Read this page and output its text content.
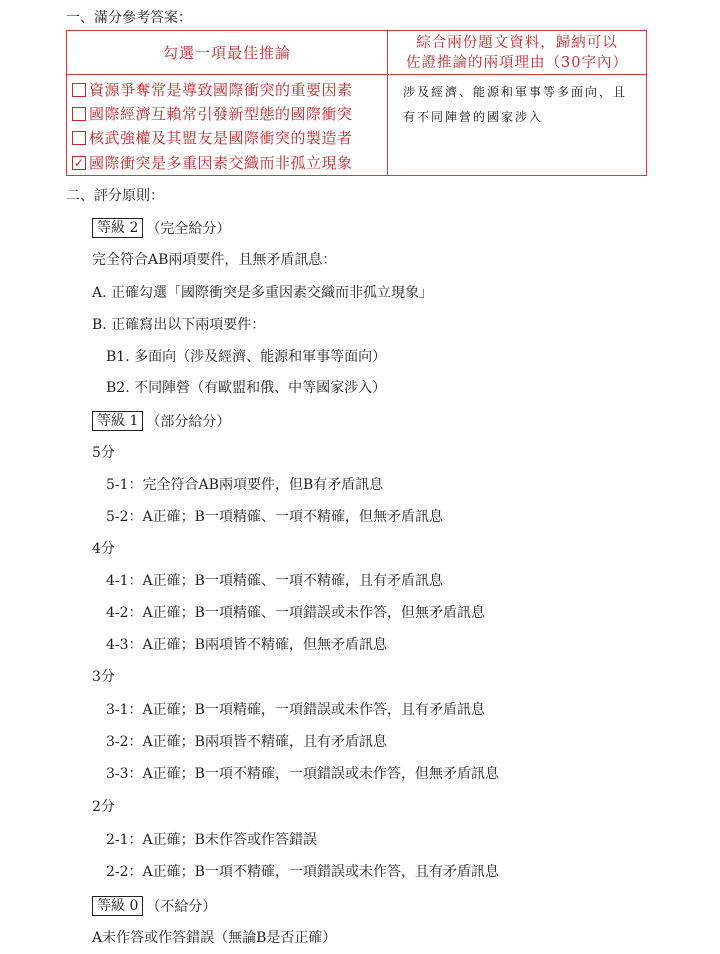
一、滿分參考答案：
勾選一項最佳推論
綜合兩份題文資料，歸納可以
佐證推論的兩項理由（30字內）
資源爭奪常是導致國際衝突的重要因素
國際經濟互賴常引發新型態的國際衝突
核武強權及其盟友是國際衝突的製造者
✓ 國際衝突是多重因素交織而非孤立現象
涉及經濟、能源和軍事等多面向，且
有不同陣營的國家涉入
二、評分原則：
等級 2 （完全給分）
完全符合AB兩項要件，且無矛盾訊息：
A. 正確勾選「國際衝突是多重因素交織而非孤立現象」
B. 正確寫出以下兩項要件：
B1. 多面向（涉及經濟、能源和軍事等面向）
B2. 不同陣營（有歐盟和俄、中等國家涉入）
等級 1 （部分給分）
5分
5-1：完全符合AB兩項要件，但B有矛盾訊息
5-2：A正確；B一項精確、一項不精確，但無矛盾訊息
4分
4-1：A正確；B一項精確、一項不精確，且有矛盾訊息
4-2：A正確；B一項精確、一項錯誤或未作答，但無矛盾訊息
4-3：A正確；B兩項皆不精確，但無矛盾訊息
3分
3-1：A正確；B一項精確，一項錯誤或未作答，且有矛盾訊息
3-2：A正確；B兩項皆不精確，且有矛盾訊息
3-3：A正確；B一項不精確，一項錯誤或未作答，但無矛盾訊息
2分
2-1：A正確；B未作答或作答錯誤
2-2：A正確；B一項不精確，一項錯誤或未作答，且有矛盾訊息
等級 0 （不給分）
A未作答或作答錯誤（無論B是否正確）
